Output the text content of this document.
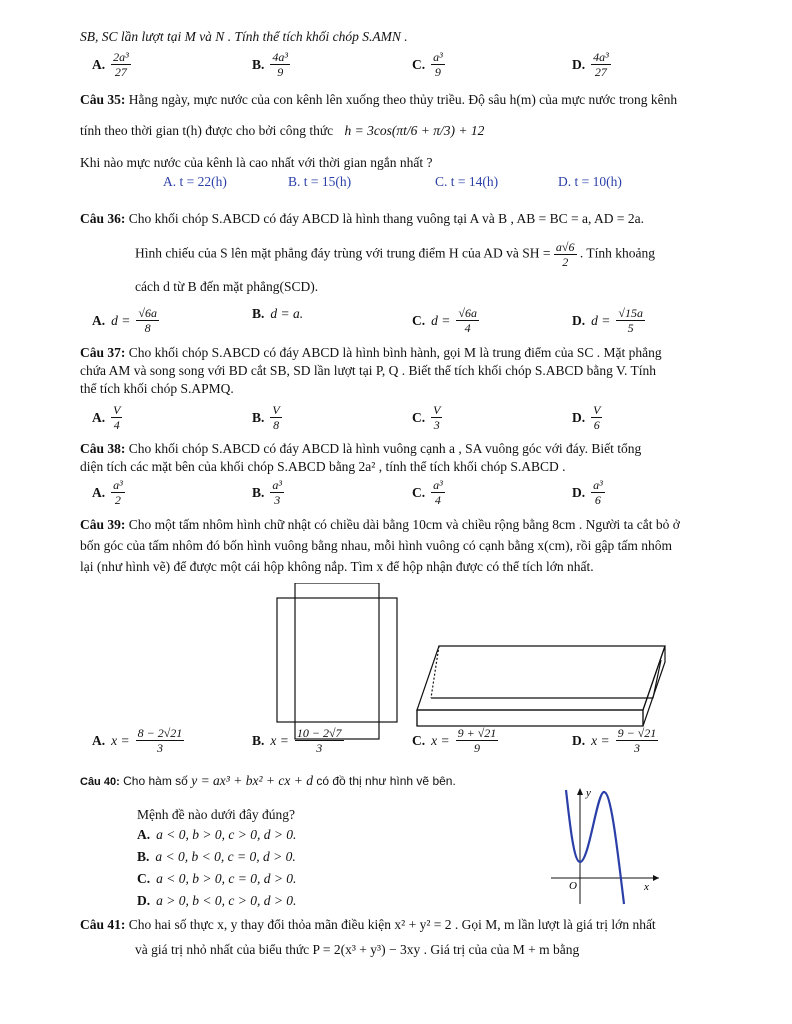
SB, SC lần lượt tại M và N . Tính thể tích khối chóp S.AMN .
A. $\frac{\text{2a³}}{27}$	B. $\frac{\text{4a³}}{9}$	C. $\frac{\text{a³}}{9}$	D. $\frac{\text{4a³}}{27}$
Câu 35: Hằng ngày, mực nước của con kênh lên xuống theo thủy triều. Độ sâu h(m) của mực nước trong kênh
tính theo thời gian t(h) được cho bởi công thức h = 3cos(πt/6 + π/3) + 12
Khi nào mực nước của kênh là cao nhất với thời gian ngắn nhất ?
A. t = 22(h)	B. t = 15(h)	C. t = 14(h)	D. t = 10(h)
Câu 36: Cho khối chóp S.ABCD có đáy ABCD là hình thang vuông tại A và B , AB = BC = a, AD = 2a.
Hình chiếu của S lên mặt phẳng đáy trùng với trung điểm H của AD và SH = $\frac{a√6}{2}$ . Tính khoảng
cách d từ B đến mặt phẳng(SCD).
A. $d = \frac{√6a}{8}$	B. d = a.	C. $d = \frac{√6a}{4}$	D. $d = \frac{√15a}{5}$
Câu 37: Cho khối chóp S.ABCD có đáy ABCD là hình bình hành, gọi M là trung điểm của SC . Mặt phẳng
chứa AM và song song với BD cắt SB, SD lần lượt tại P, Q . Biết thể tích khối chóp S.ABCD bằng V. Tính
thể tích khối chóp S.APMQ.
A. $\frac{V}{4}$	B. $\frac{V}{8}$	C. $\frac{V}{3}$	D. $\frac{V}{6}$
Câu 38: Cho khối chóp S.ABCD có đáy ABCD là hình vuông cạnh a , SA vuông góc với đáy. Biết tổng
diện tích các mặt bên của khối chóp S.ABCD bằng 2a² , tính thể tích khối chóp S.ABCD .
A. $\frac{\text{a³}}{2}$	B. $\frac{\text{a³}}{3}$	C. $\frac{\text{a³}}{4}$	D. $\frac{\text{a³}}{6}$
Câu 39: Cho một tấm nhôm hình chữ nhật có chiều dài bằng 10cm và chiều rộng bằng 8cm . Người ta cắt bỏ ở
bốn góc của tấm nhôm đó bốn hình vuông bằng nhau, mỗi hình vuông có cạnh bằng x(cm), rồi gập tấm nhôm
lại (như hình vẽ) để được một cái hộp không nắp. Tìm x để hộp nhận được có thể tích lớn nhất.
A. $x = \frac{8 - 2√21}{3}$	B. $x = \frac{10 - 2√7}{3}$	C. $x = \frac{9 + √21}{9}$	D. $x = \frac{9 - √21}{3}$
Câu 40: Cho hàm số y = ax³ + bx² + cx + d có đồ thị như hình vẽ bên.
Mệnh đề nào dưới đây đúng?
A. a < 0, b > 0, c > 0, d > 0.
B. a < 0, b < 0, c = 0, d > 0.
C. a < 0, b > 0, c = 0, d > 0.
D. a > 0, b < 0, c > 0, d > 0.
y
x
O
Câu 41: Cho hai số thực x, y thay đổi thỏa mãn điều kiện x² + y² = 2 . Gọi M, m lần lượt là giá trị lớn nhất
và giá trị nhỏ nhất của biểu thức P = 2(x³ + y³) − 3xy . Giá trị của của M + m bằng
